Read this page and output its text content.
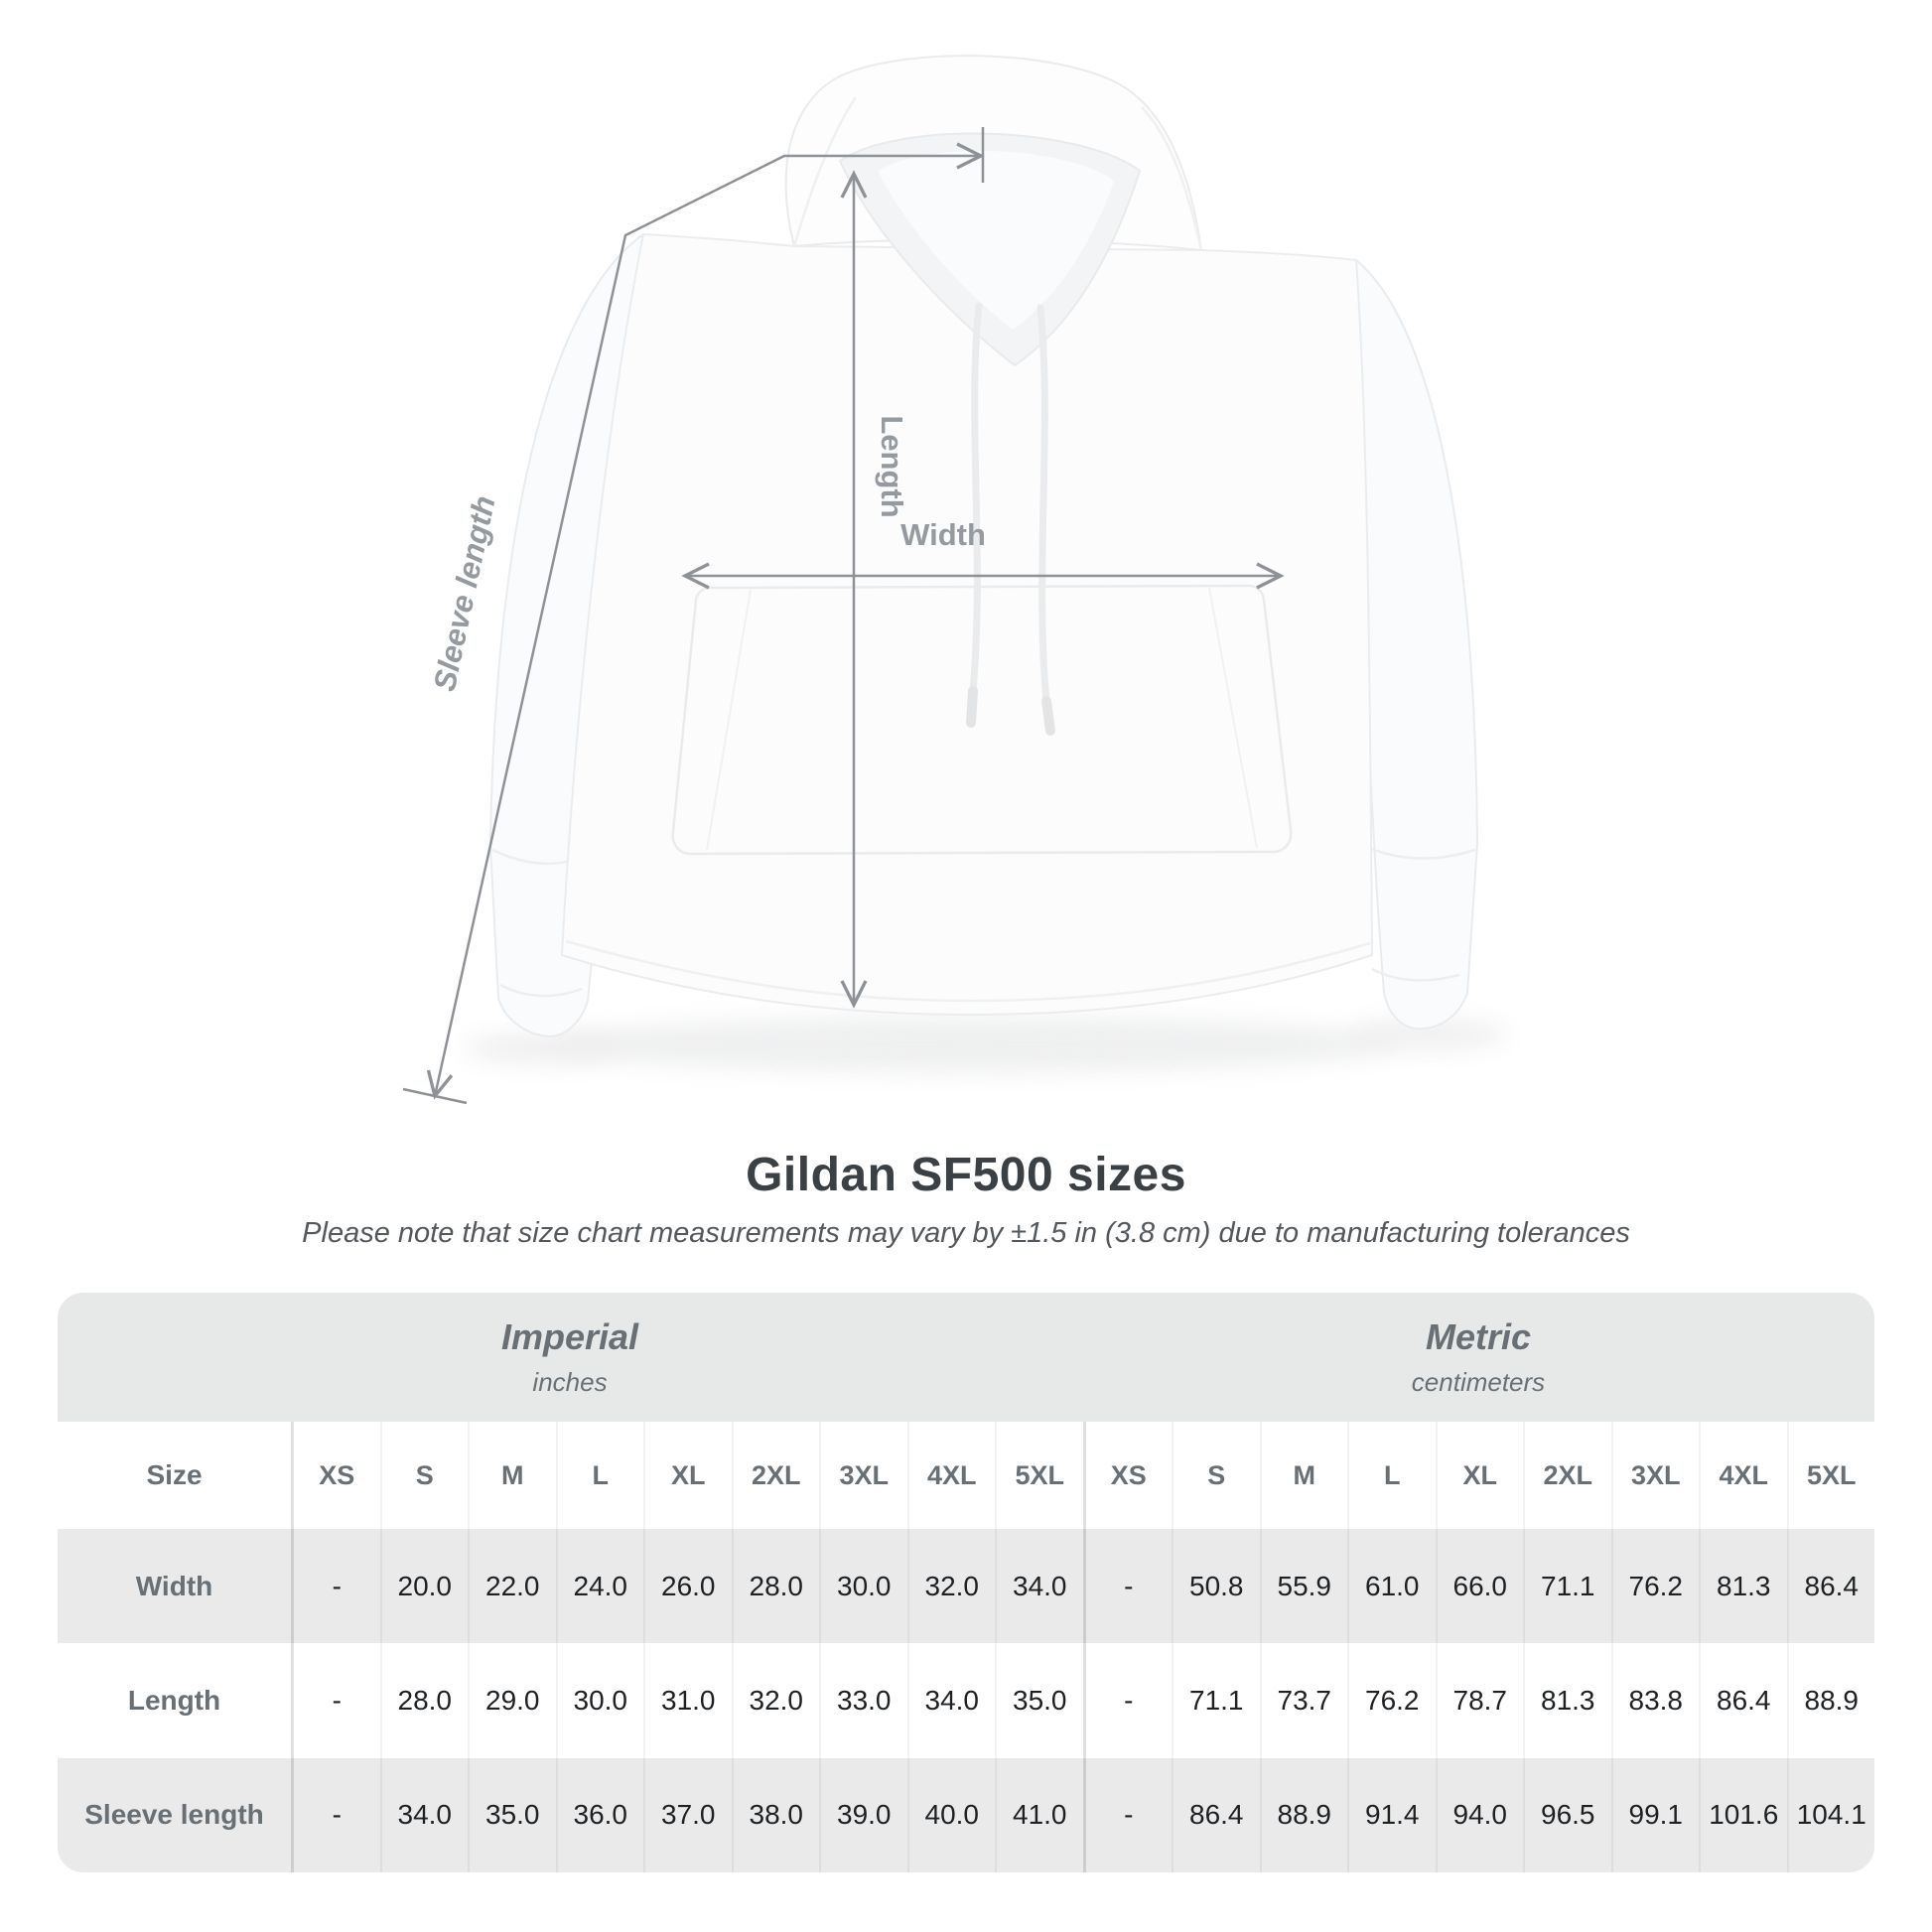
Sleeve length
Length
Width
Gildan SF500 sizes
Please note that size chart measurements may vary by ±1.5 in (3.8 cm) due to manufacturing tolerances
Imperial
inches
Metric
centimeters
Size	XS	S	M	L	XL	2XL	3XL	4XL	5XL	XS	S	M	L	XL	2XL	3XL	4XL	5XL
Width	-	20.0	22.0	24.0	26.0	28.0	30.0	32.0	34.0	-	50.8	55.9	61.0	66.0	71.1	76.2	81.3	86.4
Length	-	28.0	29.0	30.0	31.0	32.0	33.0	34.0	35.0	-	71.1	73.7	76.2	78.7	81.3	83.8	86.4	88.9
Sleeve length	-	34.0	35.0	36.0	37.0	38.0	39.0	40.0	41.0	-	86.4	88.9	91.4	94.0	96.5	99.1 101.6 104.1
